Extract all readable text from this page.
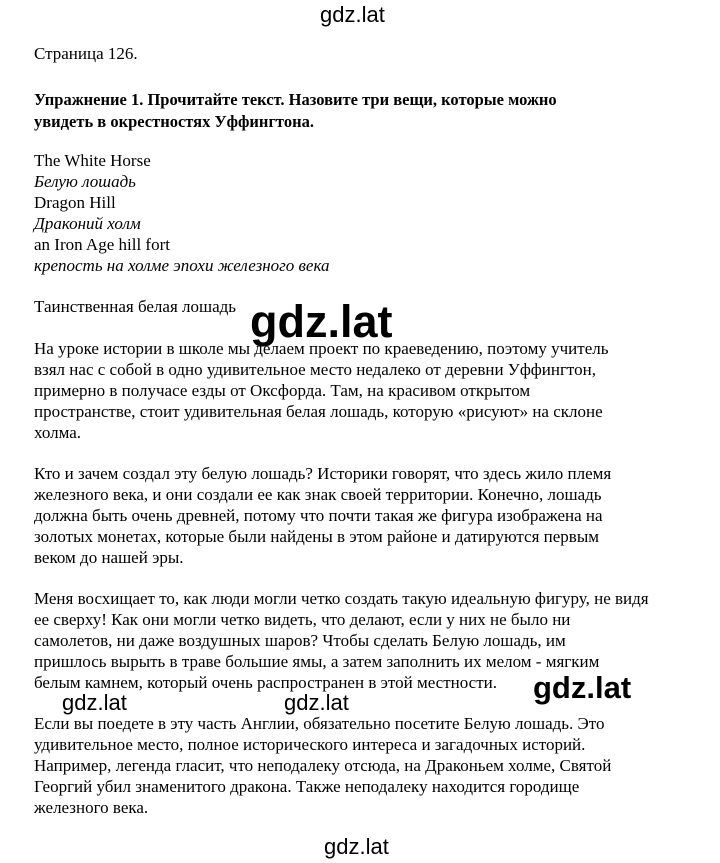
gdz.lat
Страница 126.
Упражнение 1. Прочитайте текст. Назовите три вещи, которые можно
увидеть в окрестностях Уффингтона.
The White Horse
Белую лошадь
Dragon Hill
Драконий холм
an Iron Age hill fort
крепость на холме эпохи железного века
Таинственная белая лошадь
На уроке истории в школе мы делаем проект по краеведению, поэтому учитель
взял нас с собой в одно удивительное место недалеко от деревни Уффингтон,
примерно в получасе езды от Оксфорда. Там, на красивом открытом
пространстве, стоит удивительная белая лошадь, которую «рисуют» на склоне
холма.
Кто и зачем создал эту белую лошадь? Историки говорят, что здесь жило племя
железного века, и они создали ее как знак своей территории. Конечно, лошадь
должна быть очень древней, потому что почти такая же фигура изображена на
золотых монетах, которые были найдены в этом районе и датируются первым
веком до нашей эры.
Меня восхищает то, как люди могли четко создать такую идеальную фигуру, не видя
ее сверху! Как они могли четко видеть, что делают, если у них не было ни
самолетов, ни даже воздушных шаров? Чтобы сделать Белую лошадь, им
пришлось вырыть в траве большие ямы, а затем заполнить их мелом - мягким
белым камнем, который очень распространен в этой местности.
Если вы поедете в эту часть Англии, обязательно посетите Белую лошадь. Это
удивительное место, полное исторического интереса и загадочных историй.
Например, легенда гласит, что неподалеку отсюда, на Драконьем холме, Святой
Георгий убил знаменитого дракона. Также неподалеку находится городище
железного века.
gdz.lat
gdz.lat	gdz.lat	gdz.lat
gdz.lat
